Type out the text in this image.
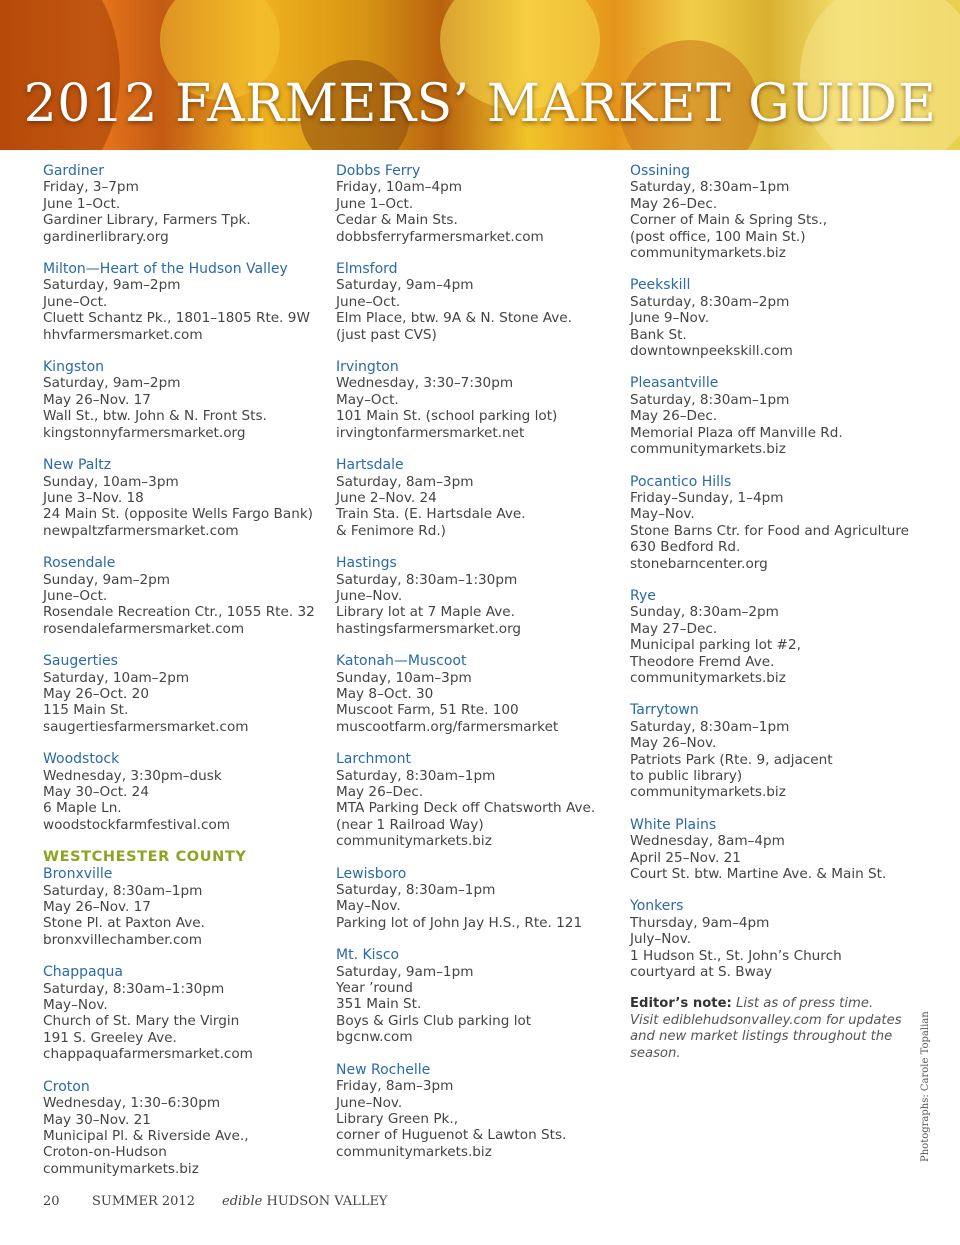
2012 FARMERS’ MARKET GUIDE
Gardiner
Friday, 3–7pm
June 1–Oct.
Gardiner Library, Farmers Tpk.
gardinerlibrary.org
Milton—Heart of the Hudson Valley
Saturday, 9am–2pm
June–Oct.
Cluett Schantz Pk., 1801–1805 Rte. 9W
hhvfarmersmarket.com
Kingston
Saturday, 9am–2pm
May 26–Nov. 17
Wall St., btw. John & N. Front Sts.
kingstonnyfarmersmarket.org
New Paltz
Sunday, 10am–3pm
June 3–Nov. 18
24 Main St. (opposite Wells Fargo Bank)
newpaltzfarmersmarket.com
Rosendale
Sunday, 9am–2pm
June–Oct.
Rosendale Recreation Ctr., 1055 Rte. 32
rosendalefarmersmarket.com
Saugerties
Saturday, 10am–2pm
May 26–Oct. 20
115 Main St.
saugertiesfarmersmarket.com
Woodstock
Wednesday, 3:30pm–dusk
May 30–Oct. 24
6 Maple Ln.
woodstockfarmfestival.com
WESTCHESTER COUNTY
Bronxville
Saturday, 8:30am–1pm
May 26–Nov. 17
Stone Pl. at Paxton Ave.
bronxvillechamber.com
Chappaqua
Saturday, 8:30am–1:30pm
May–Nov.
Church of St. Mary the Virgin
191 S. Greeley Ave.
chappaquafarmersmarket.com
Croton
Wednesday, 1:30–6:30pm
May 30–Nov. 21
Municipal Pl. & Riverside Ave.,
Croton-on-Hudson
communitymarkets.biz
Dobbs Ferry
Friday, 10am–4pm
June 1–Oct.
Cedar & Main Sts.
dobbsferryfarmersmarket.com
Elmsford
Saturday, 9am–4pm
June–Oct.
Elm Place, btw. 9A & N. Stone Ave.
(just past CVS)
Irvington
Wednesday, 3:30–7:30pm
May–Oct.
101 Main St. (school parking lot)
irvingtonfarmersmarket.net
Hartsdale
Saturday, 8am–3pm
June 2–Nov. 24
Train Sta. (E. Hartsdale Ave.
& Fenimore Rd.)
Hastings
Saturday, 8:30am–1:30pm
June–Nov.
Library lot at 7 Maple Ave.
hastingsfarmersmarket.org
Katonah—Muscoot
Sunday, 10am–3pm
May 8–Oct. 30
Muscoot Farm, 51 Rte. 100
muscootfarm.org/farmersmarket
Larchmont
Saturday, 8:30am–1pm
May 26–Dec.
MTA Parking Deck off Chatsworth Ave.
(near 1 Railroad Way)
communitymarkets.biz
Lewisboro
Saturday, 8:30am–1pm
May–Nov.
Parking lot of John Jay H.S., Rte. 121
Mt. Kisco
Saturday, 9am–1pm
Year ’round
351 Main St.
Boys & Girls Club parking lot
bgcnw.com
New Rochelle
Friday, 8am–3pm
June–Nov.
Library Green Pk.,
corner of Huguenot & Lawton Sts.
communitymarkets.biz
Ossining
Saturday, 8:30am–1pm
May 26–Dec.
Corner of Main & Spring Sts.,
(post office, 100 Main St.)
communitymarkets.biz
Peekskill
Saturday, 8:30am–2pm
June 9–Nov.
Bank St.
downtownpeekskill.com
Pleasantville
Saturday, 8:30am–1pm
May 26–Dec.
Memorial Plaza off Manville Rd.
communitymarkets.biz
Pocantico Hills
Friday–Sunday, 1–4pm
May–Nov.
Stone Barns Ctr. for Food and Agriculture
630 Bedford Rd.
stonebarncenter.org
Rye
Sunday, 8:30am–2pm
May 27–Dec.
Municipal parking lot #2,
Theodore Fremd Ave.
communitymarkets.biz
Tarrytown
Saturday, 8:30am–1pm
May 26–Nov.
Patriots Park (Rte. 9, adjacent
to public library)
communitymarkets.biz
White Plains
Wednesday, 8am–4pm
April 25–Nov. 21
Court St. btw. Martine Ave. & Main St.
Yonkers
Thursday, 9am–4pm
July–Nov.
1 Hudson St., St. John’s Church
courtyard at S. Bway
Editor’s note: List as of press time.
Visit ediblehudsonvalley.com for updates and new market listings throughout the season.	Photographs: Carole Topalian
20 SUMMER 2012 edible HUDSON VALLEY
